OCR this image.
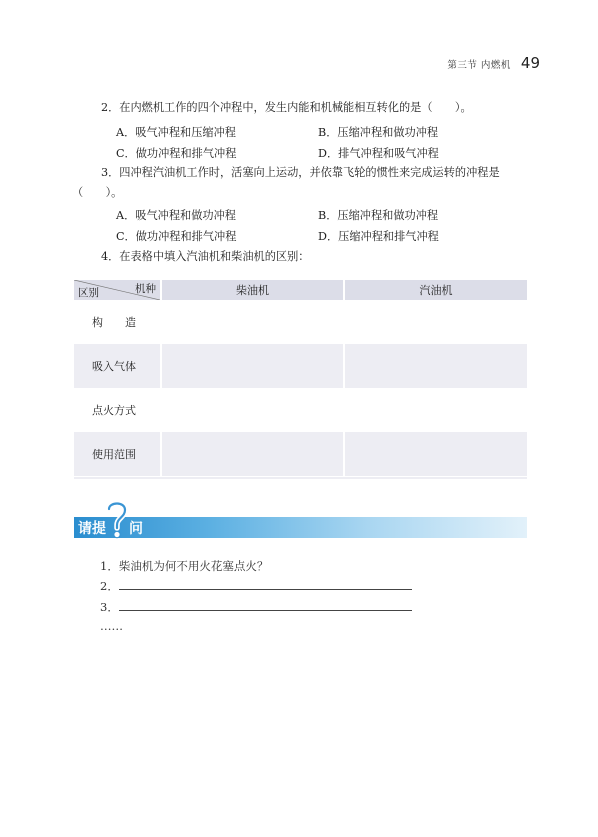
第三节 内燃机 49
2．在内燃机工作的四个冲程中，发生内能和机械能相互转化的是（　　）。
A．吸气冲程和压缩冲程	B．压缩冲程和做功冲程
C．做功冲程和排气冲程	D．排气冲程和吸气冲程
3．四冲程汽油机工作时，活塞向上运动，并依靠飞轮的惯性来完成运转的冲程是
（　　）。
A．吸气冲程和做功冲程	B．压缩冲程和做功冲程
C．做功冲程和排气冲程	D．压缩冲程和排气冲程
4．在表格中填入汽油机和柴油机的区别：
机种
区别	柴油机	汽油机
构　　造		
吸入气体		
点火方式		
使用范围		
请提 问
1．柴油机为何不用火花塞点火？
2．
3．
……
